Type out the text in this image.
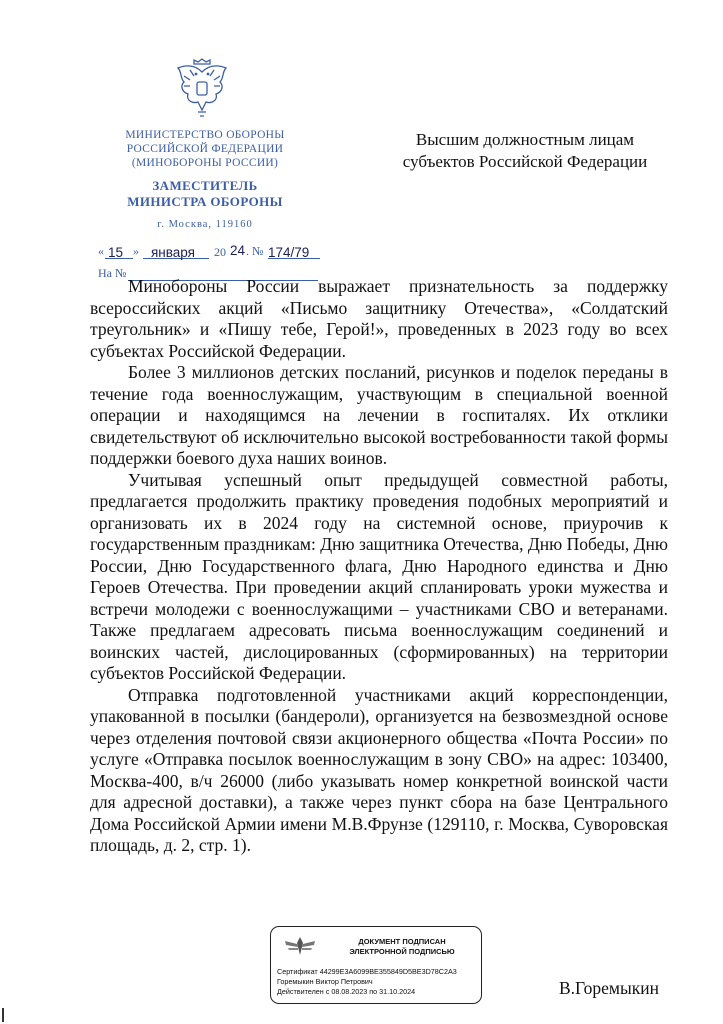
МИНИСТЕРСТВО ОБОРОНЫ
РОССИЙСКОЙ ФЕДЕРАЦИИ
(МИНОБОРОНЫ РОССИИ)
ЗАМЕСТИТЕЛЬ
МИНИСТРА ОБОРОНЫ
г. Москва, 119160
« 15 » января	20 24 . № 174/79
На №
Высшим должностным лицам
субъектов Российской Федерации

Минобороны России выражает признательность за поддержку всероссийских акций «Письмо защитнику Отечества», «Солдатский треугольник» и «Пишу тебе, Герой!», проведенных в 2023 году во всех субъектах Российской Федерации.

Более 3 миллионов детских посланий, рисунков и поделок переданы в течение года военнослужащим, участвующим в специальной военной операции и находящимся на лечении в госпиталях. Их отклики свидетельствуют об исключительно высокой востребованности такой формы поддержки боевого духа наших воинов.

Учитывая успешный опыт предыдущей совместной работы, предлагается продолжить практику проведения подобных мероприятий и организовать их в 2024 году на системной основе, приурочив к государственным праздникам: Дню защитника Отечества, Дню Победы, Дню России, Дню Государственного флага, Дню Народного единства и Дню Героев Отечества. При проведении акций спланировать уроки мужества и встречи молодежи с военнослужащими – участниками СВО и ветеранами. Также предлагаем адресовать письма военнослужащим соединений и воинских частей, дислоцированных (сформированных) на территории субъектов Российской Федерации.

Отправка подготовленной участниками акций корреспонденции, упакованной в посылки (бандероли), организуется на безвозмездной основе через отделения почтовой связи акционерного общества «Почта России» по услуге «Отправка посылок военнослужащим в зону СВО» на адрес: 103400, Москва-400, в/ч 26000 (либо указывать номер конкретной воинской части для адресной доставки), а также через пункт сбора на базе Центрального Дома Российской Армии имени М.В.Фрунзе (129110, г. Москва, Суворовская площадь, д. 2, стр. 1).

ДОКУМЕНТ ПОДПИСАН
ЭЛЕКТРОННОЙ ПОДПИСЬЮ
Сертификат 44299E3A6099BE355849D5BE3D78C2A3
Горемыкин Виктор Петрович
Действителен с 08.08.2023 по 31.10.2024	В.Горемыкин
